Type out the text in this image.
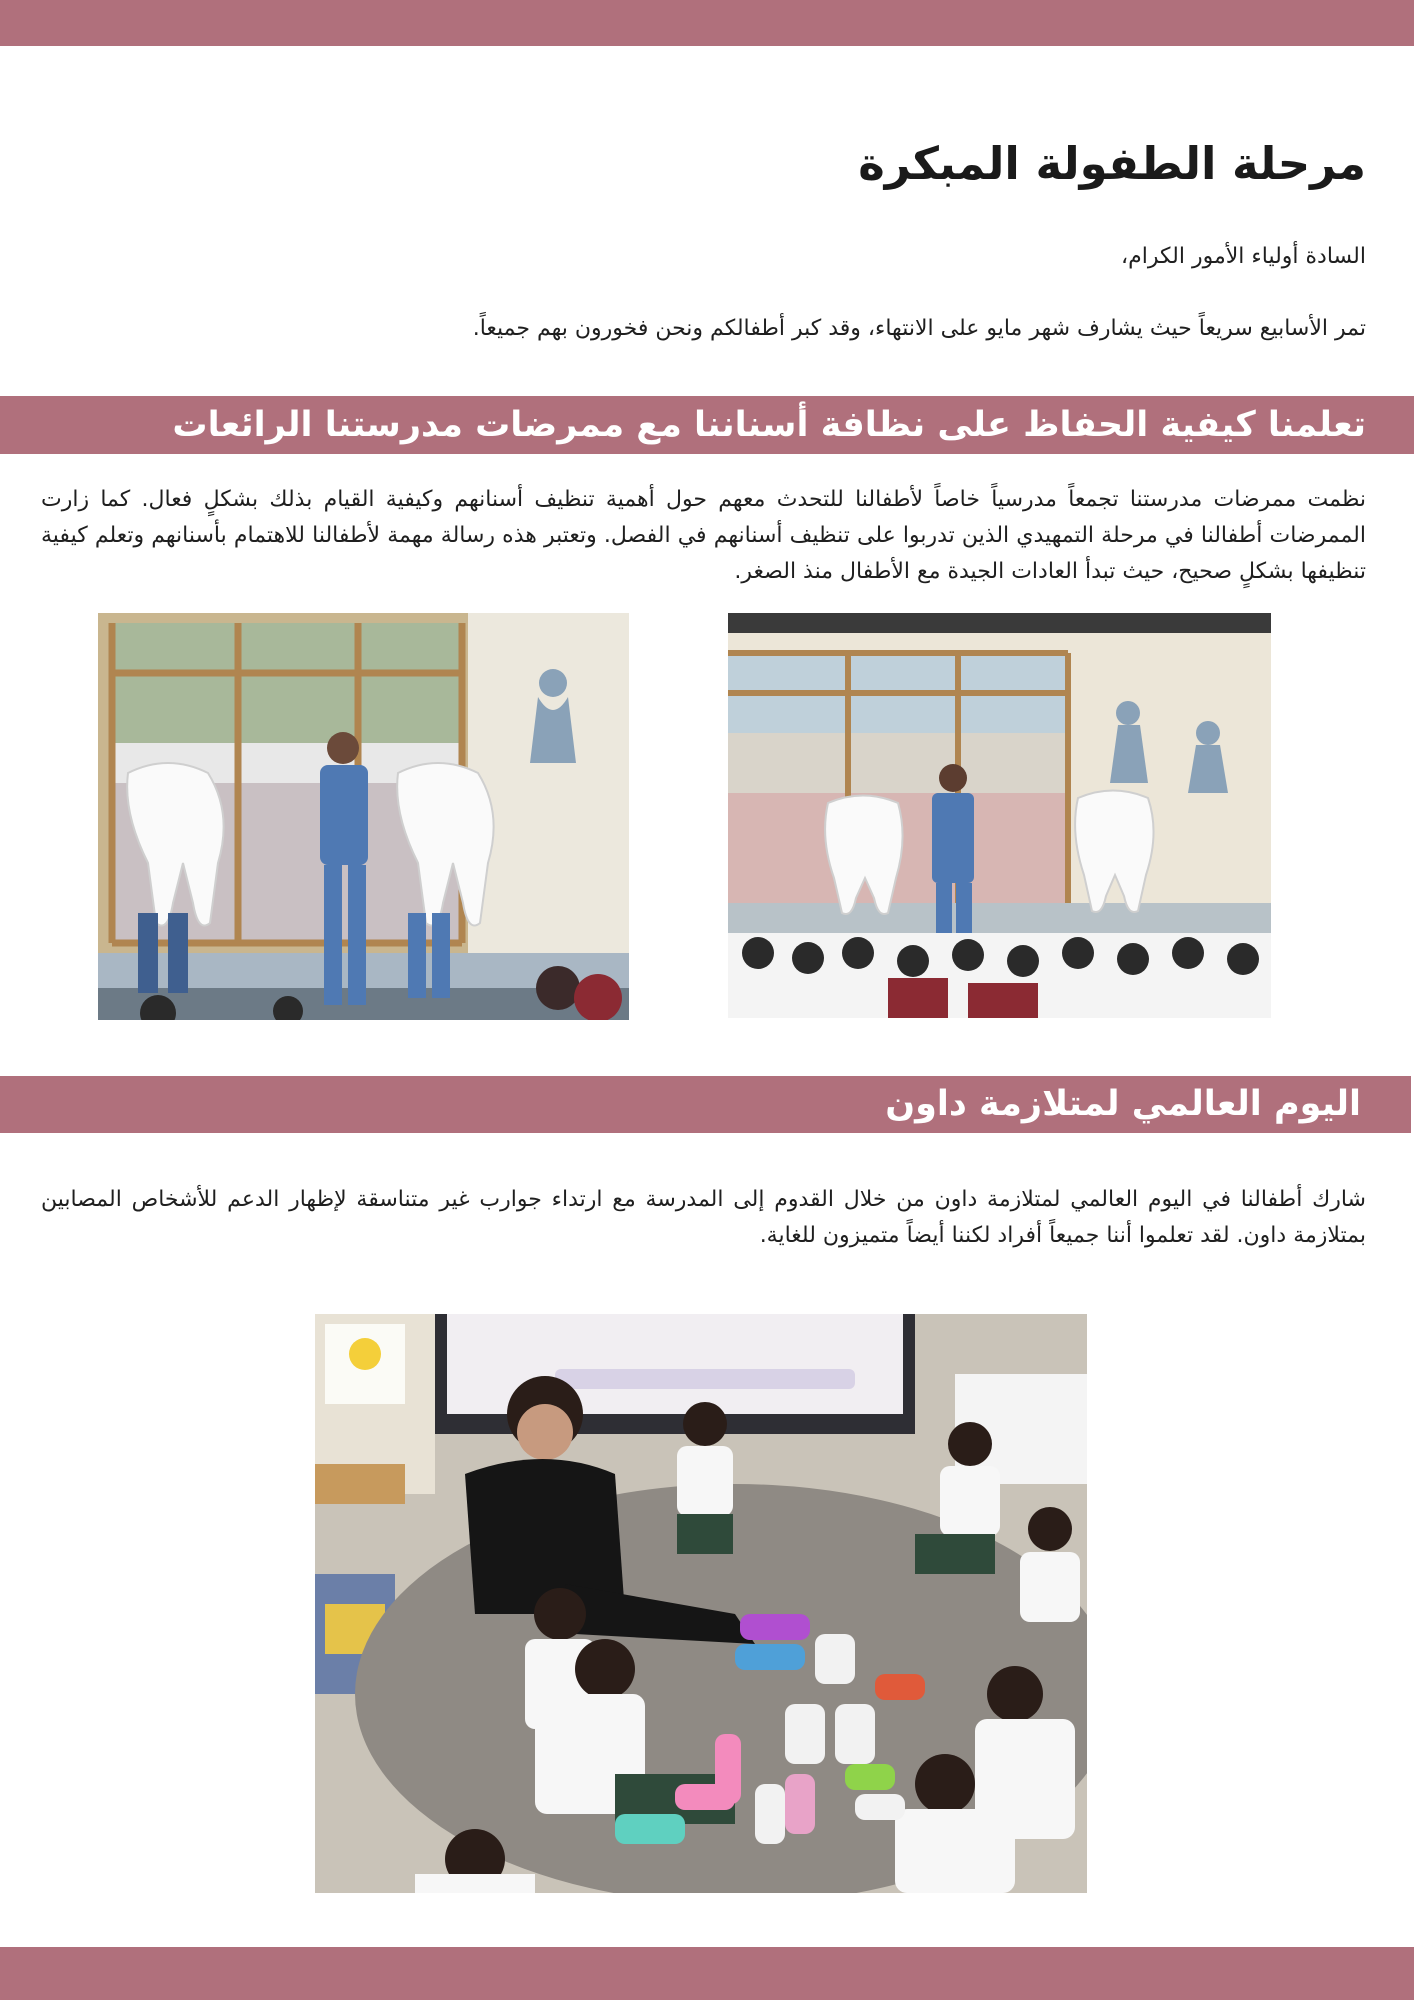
مرحلة الطفولة المبكرة

السادة أولياء الأمور الكرام،

تمر الأسابيع سريعاً حيث يشارف شهر مايو على الانتهاء، وقد كبر أطفالكم ونحن فخورون بهم جميعاً.

تعلمنا كيفية الحفاظ على نظافة أسناننا مع ممرضات مدرستنا الرائعات

نظمت ممرضات مدرستنا تجمعاً مدرسياً خاصاً لأطفالنا للتحدث معهم حول أهمية تنظيف أسنانهم وكيفية القيام بذلك بشكلٍ فعال. كما زارت الممرضات أطفالنا في مرحلة التمهيدي الذين تدربوا على تنظيف أسنانهم في الفصل. وتعتبر هذه رسالة مهمة لأطفالنا للاهتمام بأسنانهم وتعلم كيفية تنظيفها بشكلٍ صحيح، حيث تبدأ العادات الجيدة مع الأطفال منذ الصغر.

اليوم العالمي لمتلازمة داون

شارك أطفالنا في اليوم العالمي لمتلازمة داون من خلال القدوم إلى المدرسة مع ارتداء جوارب غير متناسقة لإظهار الدعم للأشخاص المصابين بمتلازمة داون. لقد تعلموا أننا جميعاً أفراد لكننا أيضاً متميزون للغاية.
